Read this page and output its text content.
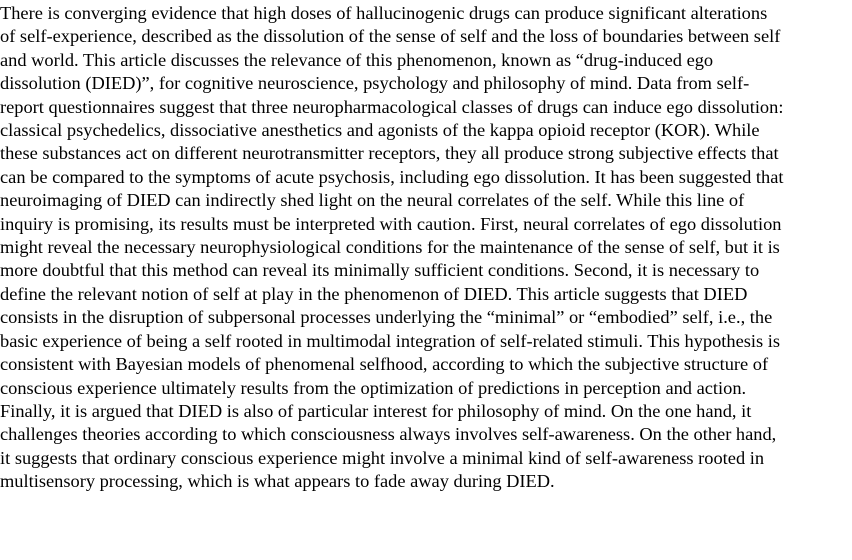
There is converging evidence that high doses of hallucinogenic drugs can produce significant alterations
of self-experience, described as the dissolution of the sense of self and the loss of boundaries between self
and world. This article discusses the relevance of this phenomenon, known as “drug-induced ego
dissolution (DIED)”, for cognitive neuroscience, psychology and philosophy of mind. Data from self-
report questionnaires suggest that three neuropharmacological classes of drugs can induce ego dissolution:
classical psychedelics, dissociative anesthetics and agonists of the kappa opioid receptor (KOR). While
these substances act on different neurotransmitter receptors, they all produce strong subjective effects that
can be compared to the symptoms of acute psychosis, including ego dissolution. It has been suggested that
neuroimaging of DIED can indirectly shed light on the neural correlates of the self. While this line of
inquiry is promising, its results must be interpreted with caution. First, neural correlates of ego dissolution
might reveal the necessary neurophysiological conditions for the maintenance of the sense of self, but it is
more doubtful that this method can reveal its minimally sufficient conditions. Second, it is necessary to
define the relevant notion of self at play in the phenomenon of DIED. This article suggests that DIED
consists in the disruption of subpersonal processes underlying the “minimal” or “embodied” self, i.e., the
basic experience of being a self rooted in multimodal integration of self-related stimuli. This hypothesis is
consistent with Bayesian models of phenomenal selfhood, according to which the subjective structure of
conscious experience ultimately results from the optimization of predictions in perception and action.
Finally, it is argued that DIED is also of particular interest for philosophy of mind. On the one hand, it
challenges theories according to which consciousness always involves self-awareness. On the other hand,
it suggests that ordinary conscious experience might involve a minimal kind of self-awareness rooted in
multisensory processing, which is what appears to fade away during DIED.
